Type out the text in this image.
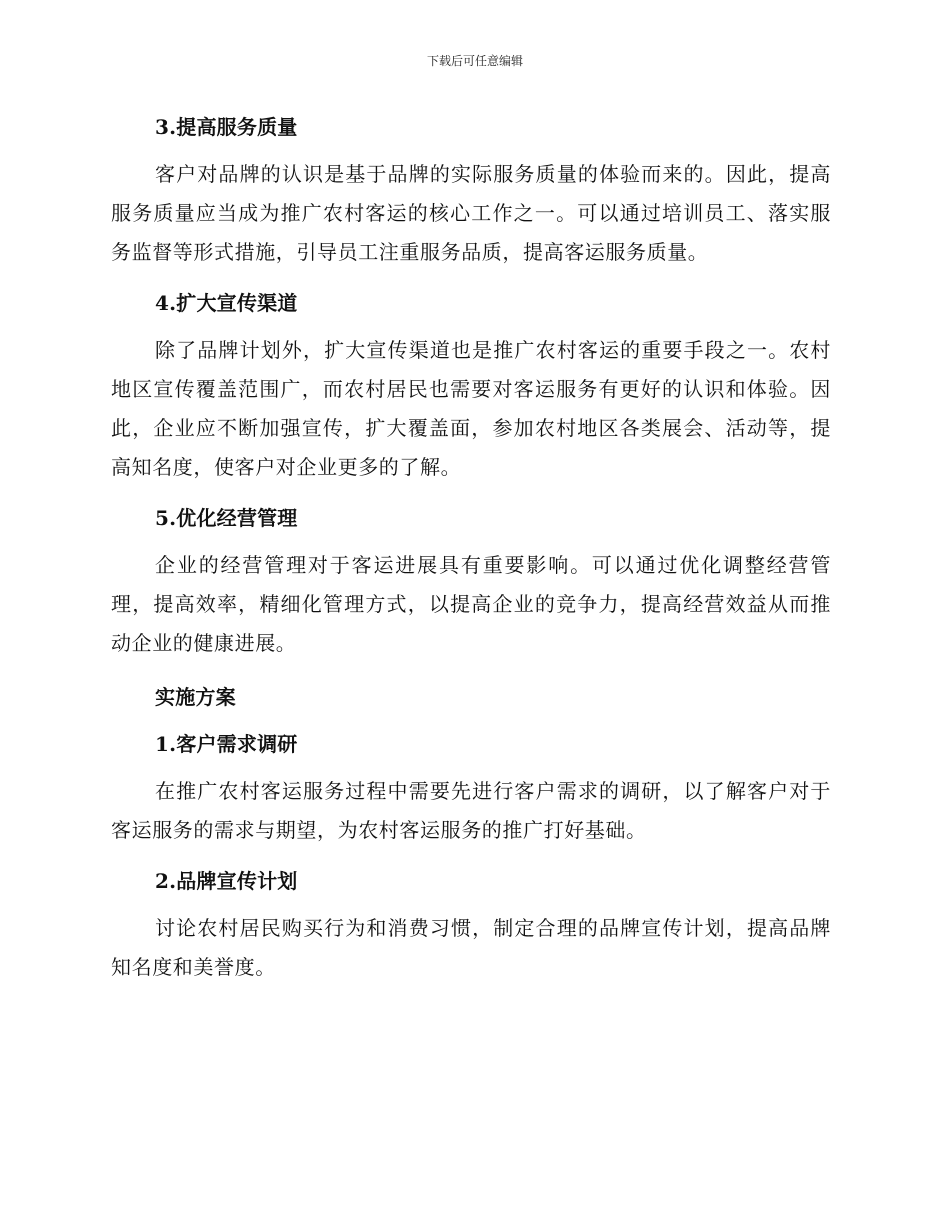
下载后可任意编辑
3.提高服务质量

客户对品牌的认识是基于品牌的实际服务质量的体验而来的。因此，提高服务质量应当成为推广农村客运的核心工作之一。可以通过培训员工、落实服务监督等形式措施，引导员工注重服务品质，提高客运服务质量。

4.扩大宣传渠道

除了品牌计划外，扩大宣传渠道也是推广农村客运的重要手段之一。农村地区宣传覆盖范围广，而农村居民也需要对客运服务有更好的认识和体验。因此，企业应不断加强宣传，扩大覆盖面，参加农村地区各类展会、活动等，提高知名度，使客户对企业更多的了解。

5.优化经营管理

企业的经营管理对于客运进展具有重要影响。可以通过优化调整经营管理，提高效率，精细化管理方式，以提高企业的竞争力，提高经营效益从而推动企业的健康进展。

实施方案
1.客户需求调研

在推广农村客运服务过程中需要先进行客户需求的调研，以了解客户对于客运服务的需求与期望，为农村客运服务的推广打好基础。

2.品牌宣传计划

讨论农村居民购买行为和消费习惯，制定合理的品牌宣传计划，提高品牌知名度和美誉度。
